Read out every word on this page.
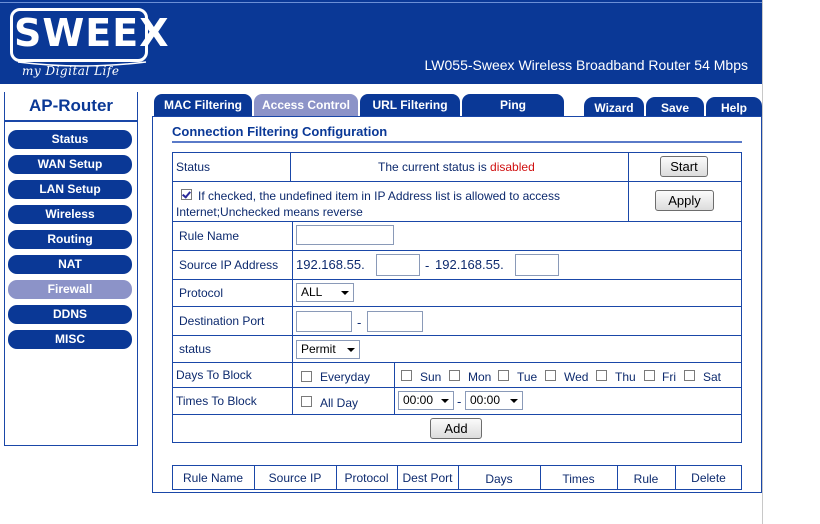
SWEEX
my Digital Life	LW055-Sweex Wireless Broadband Router 54 Mbps
AP-Router
Status
WAN Setup
LAN Setup
Wireless
Routing
NAT
Firewall
DDNS
MISC
MAC Filtering	Access Control	URL Filtering	Ping	Wizard	Save	Help
Connection Filtering Configuration
Status	The current status is disabled	Start
If checked, the undefined item in IP Address list is allowed to access
Internet;Unchecked means reverse
Apply
Rule Name
Source IP Address 192.168.55.	- 192.168.55.
Protocol	ALL
Destination Port	-
status	Permit
Days To Block	Everyday	Sun Mon Tue Wed Thu Fri Sat
Times To Block	All Day	00:00	- 00:00
Add
Rule Name	Source IP	Protocol	Dest Port	Days	Times	Rule	Delete
